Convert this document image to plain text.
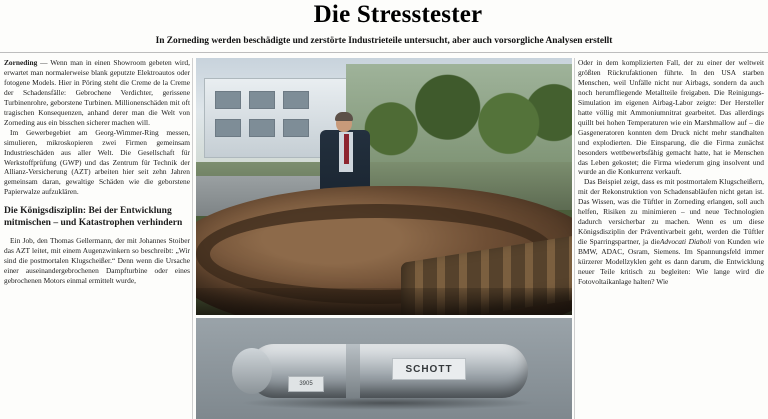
Die Stresstester
In Zorneding werden beschädigte und zerstörte Industrieteile untersucht, aber auch vorsorgliche Analysen erstellt

Zorneding — Wenn man in einen Showroom gebeten wird, erwartet man normalerweise blank geputzte Elektroautos oder fotogene Models. Hier in Pöring steht die Creme de la Creme der Schadensfälle: Gebrochene Verdichter, gerissene Turbinenrohre, geborstene Turbinen. Millionenschäden mit oft tragischen Konsequenzen, anhand derer man die Welt von Zorneding aus ein bisschen sicherer machen will.

Im Gewerbegebiet am Georg-Wimmer-Ring messen, simulieren, mikroskopieren zwei Firmen gemeinsam Industrieschäden aus aller Welt. Die Gesellschaft für Werkstoffprüfung (GWP) und das Zentrum für Technik der Allianz-Versicherung (AZT) arbeiten hier seit zehn Jahren gemeinsam daran, gewaltige Schäden wie die geborstene Papierwalze aufzuklären.

Die Königsdisziplin: Bei der Entwicklung mitmischen – und Katastrophen verhindern

Ein Job, den Thomas Gellermann, der mit Johannes Stoiber das AZT leitet, mit einem Augenzwinkern so beschreibt: „Wir sind die postmortalen Klugscheißer.“ Denn wenn die Ursache einer auseinandergebrochenen Dampfturbine oder eines gebrochenen Motors einmal ermittelt wurde,

Oder in dem komplizierten Fall, der zu einer der weltweit größten Rückrufaktionen führte. In den USA starben Menschen, weil Unfälle nicht nur Airbags, sondern da auch noch herumfliegende Metallteile freigaben. Die Reinigungs-Simulation im eigenen Airbag-Labor zeigte: Der Hersteller hatte völlig mit Ammoniumnitrat gearbeitet. Das allerdings quillt bei hohen Temperaturen wie ein Marshmallow auf – die Gasgeneratoren konnten dem Druck nicht mehr standhalten und explodierten. Die Einsparung, die die Firma zunächst besonders wettbewerbsfähig gemacht hatte, hat ie Menschen das Leben gekostet; die Firma wiederum ging insolvent und wurde an die Konkurrenz verkauft.

Das Beispiel zeigt, dass es mit postmortalem Klugscheißern, mit der Rekonstruktion von Schadensabläufen nicht getan ist. Das Wissen, was die Tüftler in Zorneding erlangen, soll auch helfen, Risiken zu minimieren – und neue Technologien dadurch versicherbar zu machen. Wenn es um diese Königsdisziplin der Präventivarbeit geht, werden die Tüftler die Sparringspartner, ja dieAdvocati Diaboli von Kunden wie BMW, ADAC, Osram, Siemens. Im Spannungsfeld immer kürzerer Modellzyklen geht es dann darum, die Entwicklung neuer Teile kritisch zu begleiten: Wie lange wird die Fotovoltaikanlage halten? Wie

SCHOTT
3905
